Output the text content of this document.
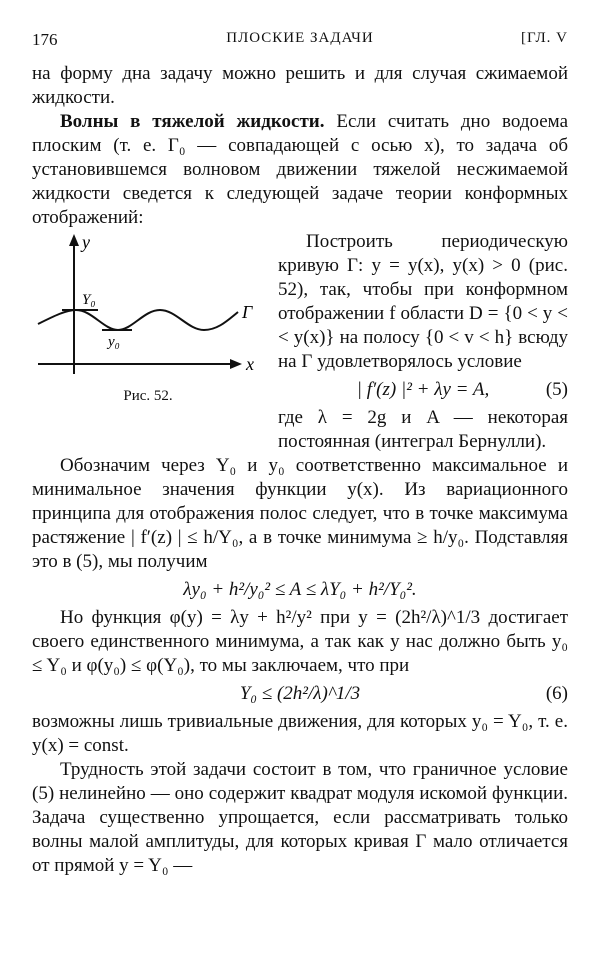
176	ПЛОСКИЕ ЗАДАЧИ	[ГЛ. V

на форму дна задачу можно решить и для случая сжимаемой жидкости.

Волны в тяжелой жидкости. Если считать дно водоема плоским (т. е. Γ₀ — совпадающей с осью x), то задача об установившемся волновом движении тяжелой несжимаемой жидкости сведется к следующей задаче теории конформных отображений:

y
x
Γ
Y₀
y₀
Рис. 52.

Построить периодическую кривую Γ: y = y(x), y(x) > 0 (рис. 52), так, чтобы при конформном отображении f области D = {0 < y < < y(x)} на полосу {0 < v < h} всюду на Γ удовлетворялось условие

| f′(z) |² + λy = A,	(5)

где λ = 2g и A — некоторая постоянная (интеграл Бернулли).

Обозначим через Y₀ и y₀ соответственно максимальное и минимальное значения функции y(x). Из вариационного принципа для отображения полос следует, что в точке максимума растяжение | f′(z) | ≤ h/Y₀, а в точке минимума ≥ h/y₀. Подставляя это в (5), мы получим

λy₀ + h²/y₀² ≤ A ≤ λY₀ + h²/Y₀².

Но функция φ(y) = λy + h²/y² при y = (2h²/λ)^1/3 достигает своего единственного минимума, а так как у нас должно быть y₀ ≤ Y₀ и φ(y₀) ≤ φ(Y₀), то мы заключаем, что при

Y₀ ≤ (2h²/λ)^1/3	(6)

возможны лишь тривиальные движения, для которых y₀ = Y₀, т. е. y(x) = const.

Трудность этой задачи состоит в том, что граничное условие (5) нелинейно — оно содержит квадрат модуля искомой функции. Задача существенно упрощается, если рассматривать только волны малой амплитуды, для которых кривая Γ мало отличается от прямой y = Y₀ —
